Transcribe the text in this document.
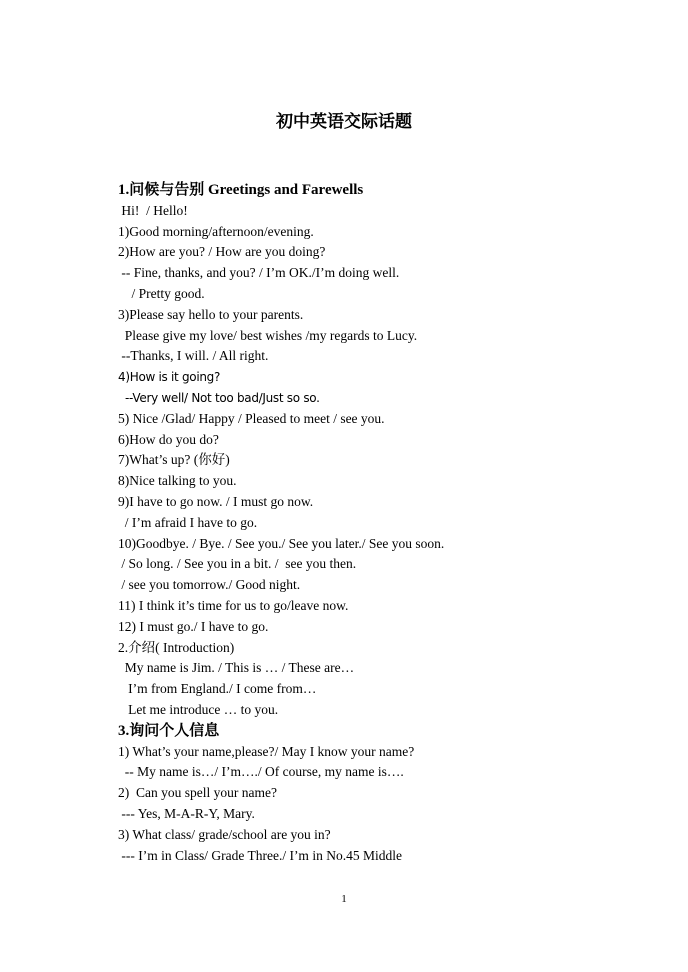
初中英语交际话题
1.问候与告别 Greetings and Farewells
Hi!  / Hello!
1)Good morning/afternoon/evening.
2)How are you? / How are you doing?
-- Fine, thanks, and you? / I’m OK./I’m doing well.
/ Pretty good.
3)Please say hello to your parents.
Please give my love/ best wishes /my regards to Lucy.
--Thanks, I will. / All right.
4)How is it going?
--Very well/ Not too bad/Just so so.
5) Nice /Glad/ Happy / Pleased to meet / see you.
6)How do you do?
7)What’s up? (你好)
8)Nice talking to you.
9)I have to go now. / I must go now.
/ I’m afraid I have to go.
10)Goodbye. / Bye. / See you./ See you later./ See you soon.
/ So long. / See you in a bit. /  see you then.
/ see you tomorrow./ Good night.
11) I think it’s time for us to go/leave now.
12) I must go./ I have to go.
2.介绍( Introduction)
My name is Jim. / This is … / These are…
I’m from England./ I come from…
Let me introduce … to you.
3.询问个人信息
1) What’s your name,please?/ May I know your name?
-- My name is…/ I’m…./ Of course, my name is….
2)  Can you spell your name?
--- Yes, M-A-R-Y, Mary.
3) What class/ grade/school are you in?
--- I’m in Class/ Grade Three./ I’m in No.45 Middle
1
